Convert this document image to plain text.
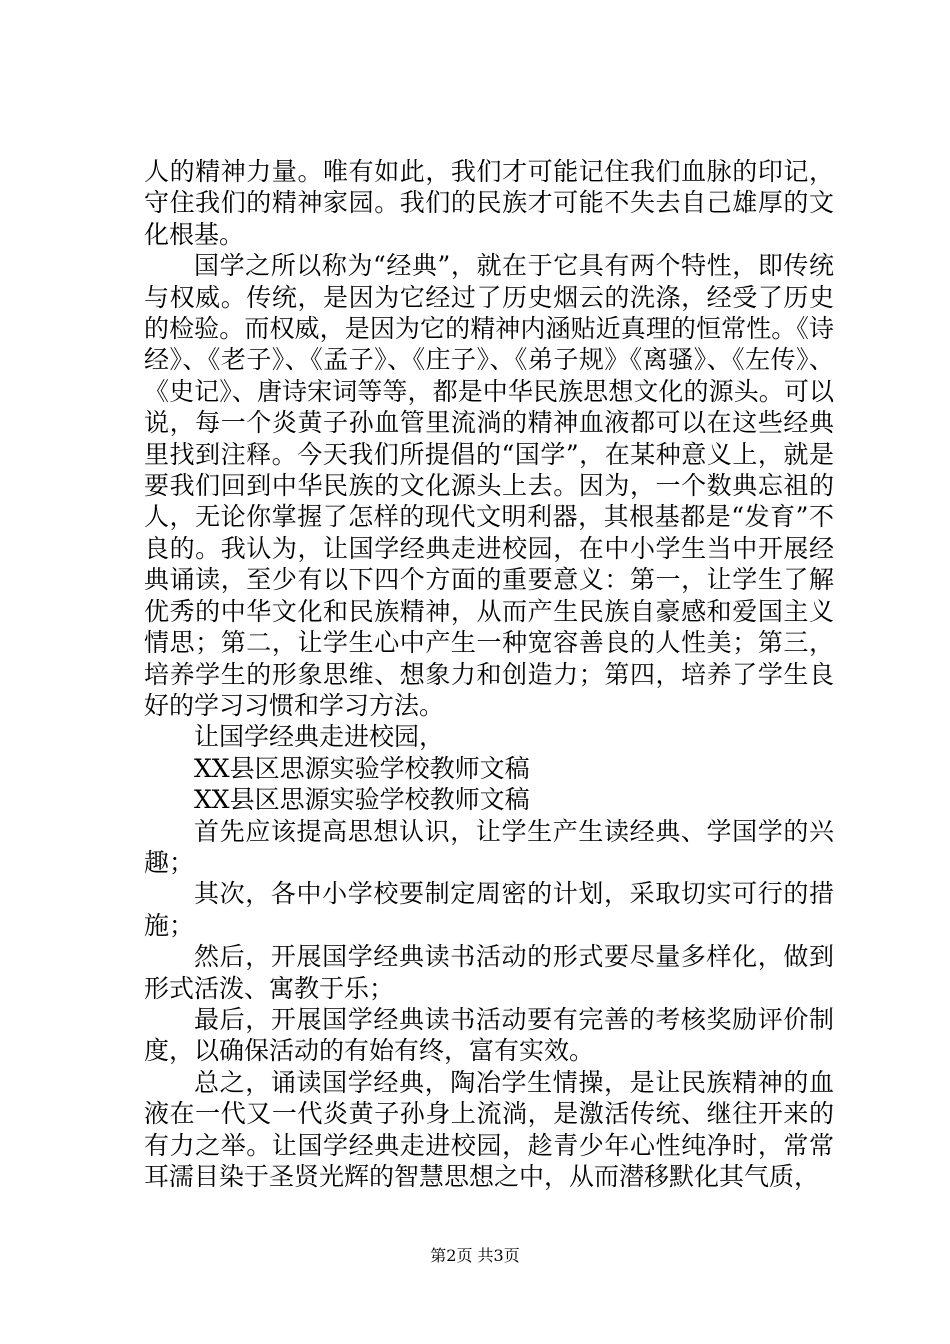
人的精神力量。唯有如此，我们才可能记住我们血脉的印记，守住我们的精神家园。我们的民族才可能不失去自己雄厚的文化根基。

国学之所以称为“经典”，就在于它具有两个特性，即传统与权威。传统，是因为它经过了历史烟云的洗涤，经受了历史的检验。而权威，是因为它的精神内涵贴近真理的恒常性。《诗经》、《老子》、《孟子》、《庄子》、《弟子规》《离骚》、《左传》、《史记》、唐诗宋词等等，都是中华民族思想文化的源头。可以说，每一个炎黄子孙血管里流淌的精神血液都可以在这些经典里找到注释。今天我们所提倡的“国学”，在某种意义上，就是要我们回到中华民族的文化源头上去。因为，一个数典忘祖的人，无论你掌握了怎样的现代文明利器，其根基都是“发育”不良的。我认为，让国学经典走进校园，在中小学生当中开展经典诵读，至少有以下四个方面的重要意义：第一，让学生了解优秀的中华文化和民族精神，从而产生民族自豪感和爱国主义情思；第二，让学生心中产生一种宽容善良的人性美；第三，培养学生的形象思维、想象力和创造力；第四，培养了学生良好的学习习惯和学习方法。

让国学经典走进校园，

XX县区思源实验学校教师文稿

XX县区思源实验学校教师文稿

首先应该提高思想认识，让学生产生读经典、学国学的兴趣；

其次，各中小学校要制定周密的计划，采取切实可行的措施；

然后，开展国学经典读书活动的形式要尽量多样化，做到形式活泼、寓教于乐；

最后，开展国学经典读书活动要有完善的考核奖励评价制度，以确保活动的有始有终，富有实效。

总之，诵读国学经典，陶冶学生情操，是让民族精神的血液在一代又一代炎黄子孙身上流淌，是激活传统、继往开来的有力之举。让国学经典走进校园，趁青少年心性纯净时，常常耳濡目染于圣贤光辉的智慧思想之中，从而潜移默化其气质，

第2页 共3页
